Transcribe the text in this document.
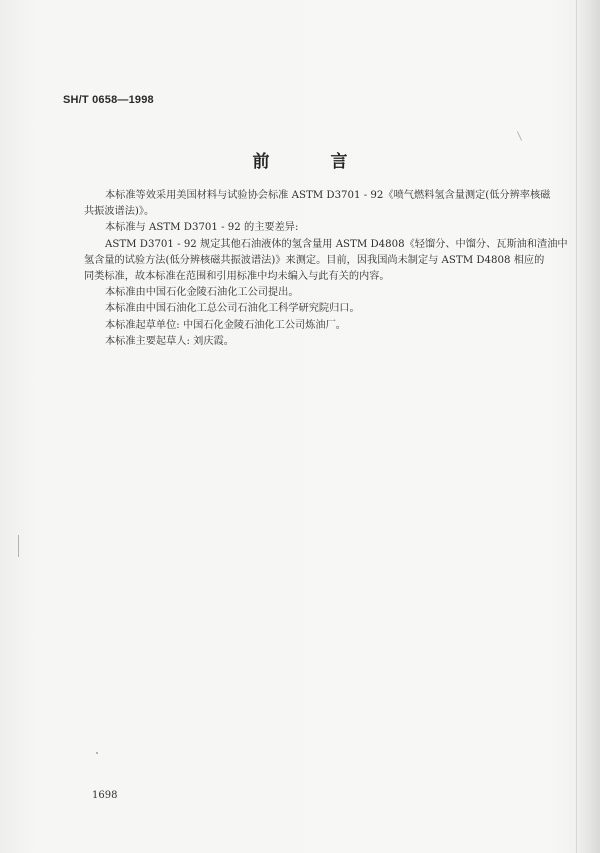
SH/T 0658—1998
前　言
本标准等效采用美国材料与试验协会标准 ASTM D3701 - 92《喷气燃料氢含量测定(低分辨率核磁
共振波谱法)》。
本标准与 ASTM D3701 - 92 的主要差异:
ASTM D3701 - 92 规定其他石油液体的氢含量用 ASTM D4808《轻馏分、中馏分、瓦斯油和渣油中
氢含量的试验方法(低分辨核磁共振波谱法)》来测定。目前，因我国尚未制定与 ASTM D4808 相应的
同类标准，故本标准在范围和引用标准中均未编入与此有关的内容。
本标准由中国石化金陵石油化工公司提出。
本标准由中国石油化工总公司石油化工科学研究院归口。
本标准起草单位: 中国石化金陵石油化工公司炼油厂。
本标准主要起草人: 刘庆霞。
1698
